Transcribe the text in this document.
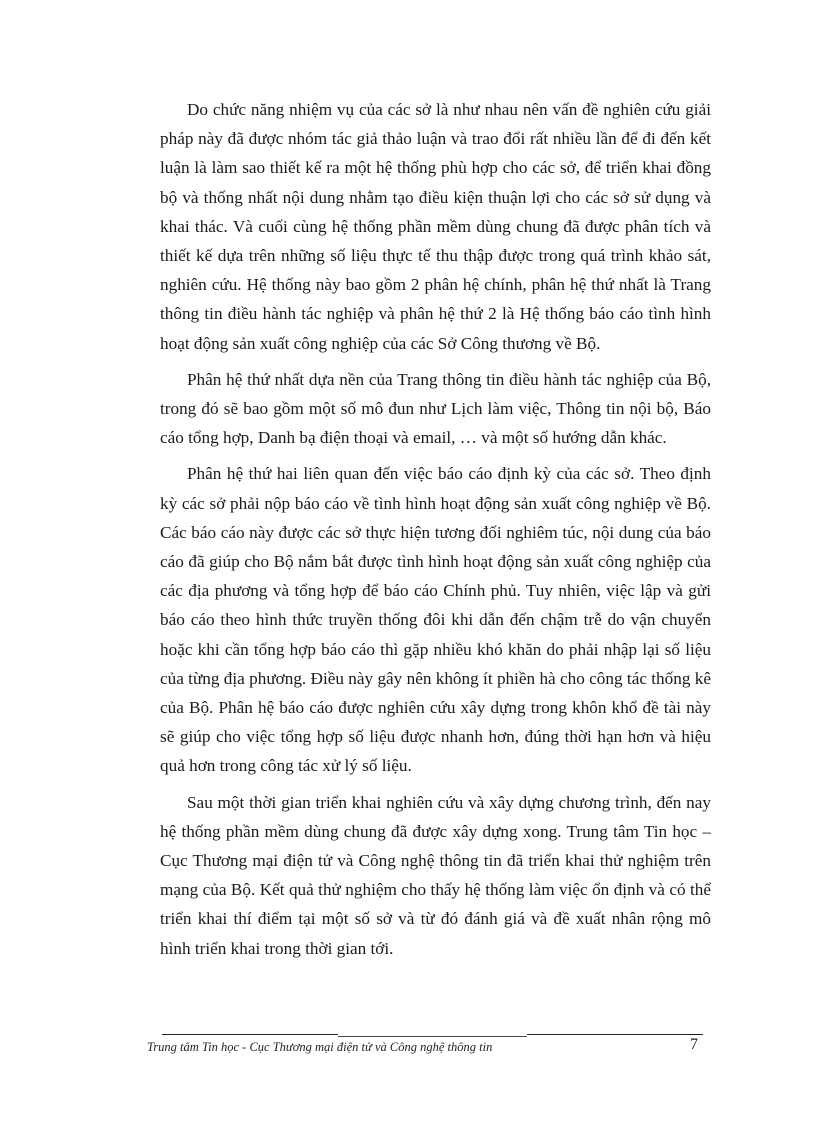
Do chức năng nhiệm vụ của các sở là như nhau nên vấn đề nghiên cứu giải pháp này đã được nhóm tác giả thảo luận và trao đổi rất nhiều lần để đi đến kết luận là làm sao thiết kế ra một hệ thống phù hợp cho các sở, để triển khai đồng bộ và thống nhất nội dung nhằm tạo điều kiện thuận lợi cho các sở sử dụng và khai thác. Và cuối cùng hệ thống phần mềm dùng chung đã được phân tích và thiết kế dựa trên những số liệu thực tế thu thập được trong quá trình khảo sát, nghiên cứu. Hệ thống này bao gồm 2 phân hệ chính, phân hệ thứ nhất là Trang thông tin điều hành tác nghiệp và phân hệ thứ 2 là Hệ thống báo cáo tình hình hoạt động sản xuất công nghiệp của các Sở Công thương về Bộ.

Phân hệ thứ nhất dựa nền của Trang thông tin điều hành tác nghiệp của Bộ, trong đó sẽ bao gồm một số mô đun như Lịch làm việc, Thông tin nội bộ, Báo cáo tổng hợp, Danh bạ điện thoại và email, … và một số hướng dẫn khác.

Phân hệ thứ hai liên quan đến việc báo cáo định kỳ của các sở. Theo định kỳ các sở phải nộp báo cáo về tình hình hoạt động sản xuất công nghiệp về Bộ. Các báo cáo này được các sở thực hiện tương đối nghiêm túc, nội dung của báo cáo đã giúp cho Bộ nắm bắt được tình hình hoạt động sản xuất công nghiệp của các địa phương và tổng hợp để báo cáo Chính phủ. Tuy nhiên, việc lập và gửi báo cáo theo hình thức truyền thống đôi khi dẫn đến chậm trễ do vận chuyển hoặc khi cần tổng hợp báo cáo thì gặp nhiều khó khăn do phải nhập lại số liệu của từng địa phương. Điều này gây nên không ít phiền hà cho công tác thống kê của Bộ. Phân hệ báo cáo được nghiên cứu xây dựng trong khôn khổ đề tài này sẽ giúp cho việc tổng hợp số liệu được nhanh hơn, đúng thời hạn hơn và hiệu quả hơn trong công tác xử lý số liệu.

Sau một thời gian triển khai nghiên cứu và xây dựng chương trình, đến nay hệ thống phần mềm dùng chung đã được xây dựng xong. Trung tâm Tin học – Cục Thương mại điện tử và Công nghệ thông tin đã triển khai thử nghiệm trên mạng của Bộ. Kết quả thử nghiệm cho thấy hệ thống làm việc ổn định và có thể triển khai thí điểm tại một số sở và từ đó đánh giá và đề xuất nhân rộng mô hình triển khai trong thời gian tới.

Trung tâm Tin học - Cục Thương mại điện tử và Công nghệ thông tin	7
